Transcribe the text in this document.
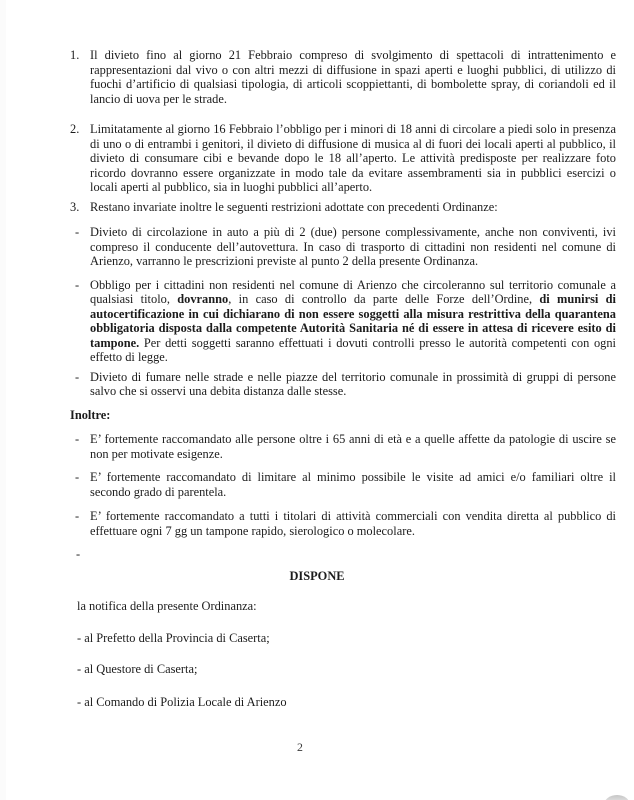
1. Il divieto fino al giorno 21 Febbraio compreso di svolgimento di spettacoli di intrattenimento e rappresentazioni dal vivo o con altri mezzi di diffusione in spazi aperti e luoghi pubblici, di utilizzo di fuochi d’artificio di qualsiasi tipologia, di articoli scoppiettanti, di bombolette spray, di coriandoli ed il lancio di uova per le strade.
2. Limitatamente al giorno 16 Febbraio l’obbligo per i minori di 18 anni di circolare a piedi solo in presenza di uno o di entrambi i genitori, il divieto di diffusione di musica al di fuori dei locali aperti al pubblico, il divieto di consumare cibi e bevande dopo le 18 all’aperto. Le attività predisposte per realizzare foto ricordo dovranno essere organizzate in modo tale da evitare assembramenti sia in pubblici esercizi o locali aperti al pubblico, sia in luoghi pubblici all’aperto.
3. Restano invariate inoltre le seguenti restrizioni adottate con precedenti Ordinanze:
- Divieto di circolazione in auto a più di 2 (due) persone complessivamente, anche non conviventi, ivi compreso il conducente dell’autovettura. In caso di trasporto di cittadini non residenti nel comune di Arienzo, varranno le prescrizioni previste al punto 2 della presente Ordinanza.
- Obbligo per i cittadini non residenti nel comune di Arienzo che circoleranno sul territorio comunale a qualsiasi titolo, dovranno, in caso di controllo da parte delle Forze dell’Ordine, di munirsi di autocertificazione in cui dichiarano di non essere soggetti alla misura restrittiva della quarantena obbligatoria disposta dalla competente Autorità Sanitaria né di essere in attesa di ricevere esito di tampone. Per detti soggetti saranno effettuati i dovuti controlli presso le autorità competenti con ogni effetto di legge.
- Divieto di fumare nelle strade e nelle piazze del territorio comunale in prossimità di gruppi di persone salvo che si osservi una debita distanza dalle stesse.

Inoltre:

- E’ fortemente raccomandato alle persone oltre i 65 anni di età e a quelle affette da patologie di uscire se non per motivate esigenze.
- E’ fortemente raccomandato di limitare al minimo possibile le visite ad amici e/o familiari oltre il secondo grado di parentela.
- E’ fortemente raccomandato a tutti i titolari di attività commerciali con vendita diretta al pubblico di effettuare ogni 7 gg un tampone rapido, sierologico o molecolare.

-

DISPONE

la notifica della presente Ordinanza:

- al Prefetto della Provincia di Caserta;

- al Questore di Caserta;

- al Comando di Polizia Locale di Arienzo

2
